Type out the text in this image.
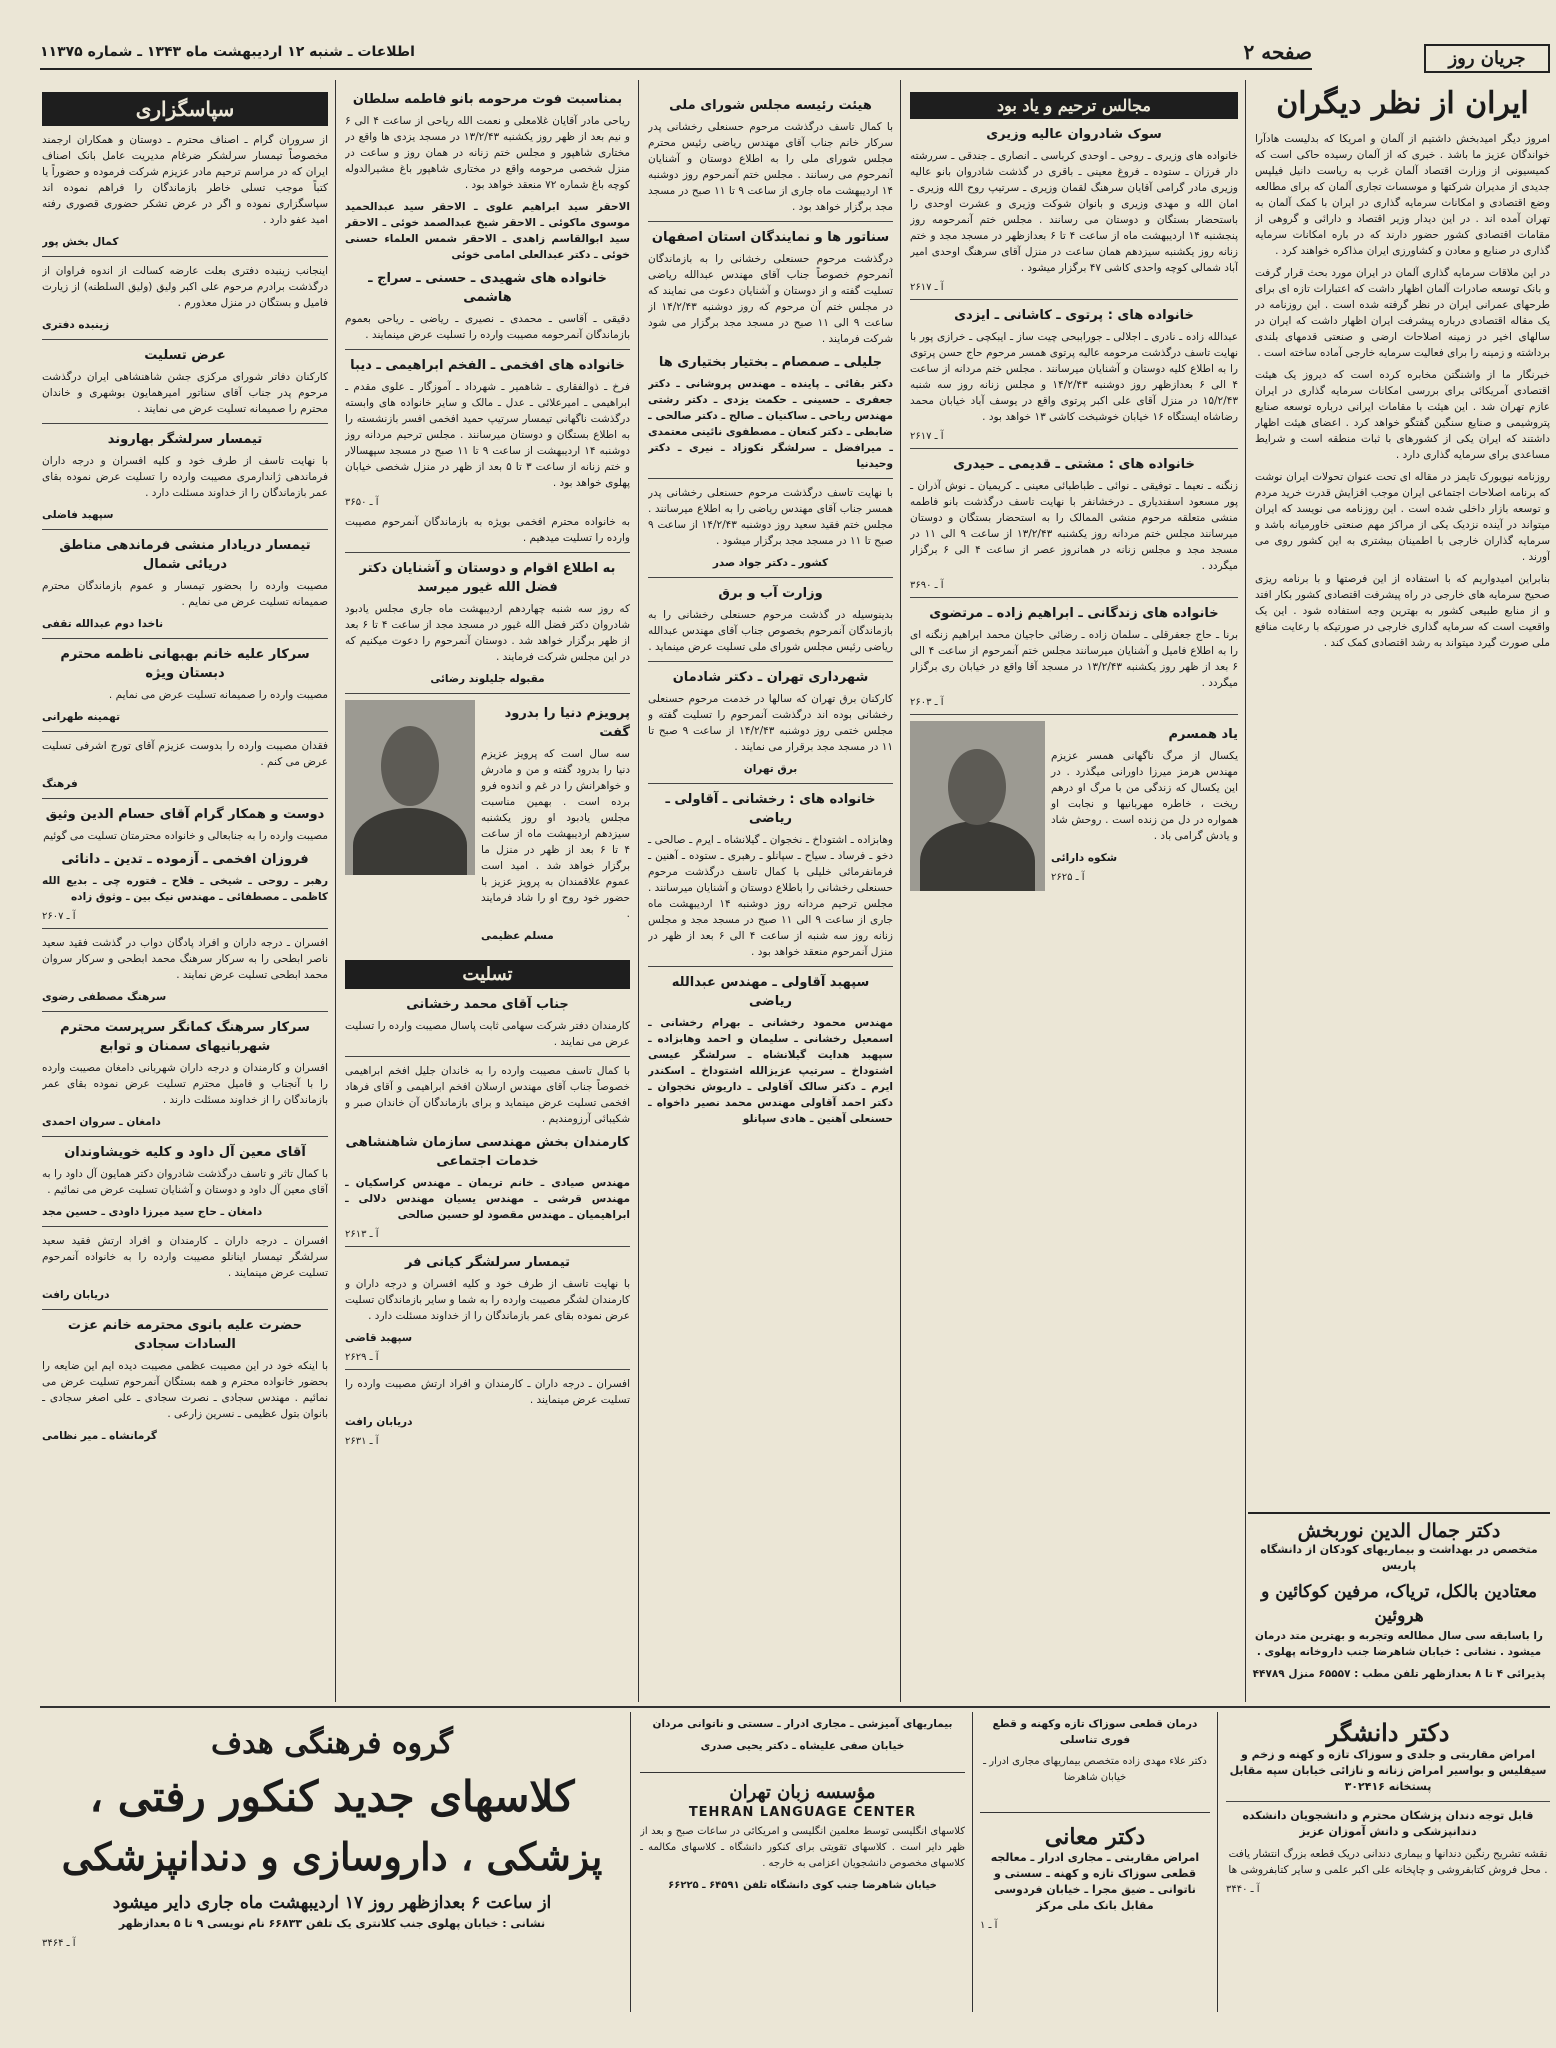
صفحه ۲
اطلاعات ـ شنبه ۱۲ اردیبهشت ماه ۱۳۴۳ ـ شماره ۱۱۳۷۵	جریان روز
ایران از نظر دیگران

امروز دیگر امیدبخش داشتیم از آلمان و امریکا که بدلیست هادآرا خواندگان عزیز ما باشد . خبری که از آلمان رسیده حاکی است که کمیسیونی از وزارت اقتصاد آلمان غرب به ریاست دانیل فیلپس جدیدی از مدیران شرکتها و موسسات تجاری آلمان که برای مطالعه وضع اقتصادی و امکانات سرمایه گذاری در ایران با کمک آلمان به تهران آمده اند . در این دیدار وزیر اقتصاد و دارائی و گروهی از مقامات اقتصادی کشور حضور دارند که در باره امکانات سرمایه گذاری در صنایع و معادن و کشاورزی ایران مذاکره خواهند کرد .

در این ملاقات سرمایه گذاری آلمان در ایران مورد بحث قرار گرفت و بانک توسعه صادرات آلمان اظهار داشت که اعتبارات تازه ای برای طرحهای عمرانی ایران در نظر گرفته شده است . این روزنامه در یک مقاله اقتصادی درباره پیشرفت ایران اظهار داشت که ایران در سالهای اخیر در زمینه اصلاحات ارضی و صنعتی قدمهای بلندی برداشته و زمینه را برای فعالیت سرمایه خارجی آماده ساخته است .

خبرنگار ما از واشنگتن مخابره کرده است که دیروز یک هیئت اقتصادی آمریکائی برای بررسی امکانات سرمایه گذاری در ایران عازم تهران شد . این هیئت با مقامات ایرانی درباره توسعه صنایع پتروشیمی و صنایع سنگین گفتگو خواهد کرد . اعضای هیئت اظهار داشتند که ایران یکی از کشورهای با ثبات منطقه است و شرایط مساعدی برای سرمایه گذاری دارد .

روزنامه نیویورک تایمز در مقاله ای تحت عنوان تحولات ایران نوشت که برنامه اصلاحات اجتماعی ایران موجب افزایش قدرت خرید مردم و توسعه بازار داخلی شده است . این روزنامه می نویسد که ایران میتواند در آینده نزدیک یکی از مراکز مهم صنعتی خاورمیانه باشد و سرمایه گذاران خارجی با اطمینان بیشتری به این کشور روی می آورند .

بنابراین امیدواریم که با استفاده از این فرصتها و با برنامه ریزی صحیح سرمایه های خارجی در راه پیشرفت اقتصادی کشور بکار افتد و از منابع طبیعی کشور به بهترین وجه استفاده شود . این یک واقعیت است که سرمایه گذاری خارجی در صورتیکه با رعایت منافع ملی صورت گیرد میتواند به رشد اقتصادی کمک کند .

دکتر جمال الدین نوربخش
متخصص در بهداشت و بیماریهای کودکان از دانشگاه پاریس
معتادین بالکل، تریاک، مرفین کوکائین و هروئین
را باسابقه سی سال مطالعه وتجربه و بهترین متد درمان میشود . نشانی : خیابان شاهرضا جنب داروخانه پهلوی .
پذیرائی ۴ تا ۸ بعدازظهر تلفن مطب : ۶۵۵۵۷ منزل ۴۴۷۸۹
مجالس ترحیم و یاد بود
سوک شادروان عالیه وزیری

خانواده های وزیری ـ روحی ـ اوحدی کرباسی ـ انصاری ـ جندقی ـ سررشته دار فرزان ـ ستوده ـ فروغ معینی ـ باقری در گذشت شادروان بانو عالیه وزیری مادر گرامی آقایان سرهنگ لقمان وزیری ـ سرتیپ روح الله وزیری ـ امان الله و مهدی وزیری و بانوان شوکت وزیری و عشرت اوحدی را باستحضار بستگان و دوستان می رسانند . مجلس ختم آنمرحومه روز پنجشنبه ۱۴ اردیبهشت ماه از ساعت ۴ تا ۶ بعدازظهر در مسجد مجد و ختم زنانه روز یکشنبه سیزدهم همان ساعت در منزل آقای سرهنگ اوحدی امیر آباد شمالی کوچه واحدی کاشی ۴۷ برگزار میشود .

آ ـ ۲۶۱۷
خانواده های : پرتوی ـ کاشانی ـ ایزدی

عبدالله زاده ـ نادری ـ اجلالی ـ جوراببحی چیت ساز ـ ایبکچی ـ خرازی پور با نهایت تاسف درگذشت مرحومه عالیه پرتوی همسر مرحوم حاج حسن پرتوی را به اطلاع کلیه دوستان و آشنایان میرسانند . مجلس ختم مردانه از ساعت ۴ الی ۶ بعدازظهر روز دوشنبه ۱۴/۲/۴۳ و مجلس زنانه روز سه شنبه ۱۵/۲/۴۳ در منزل آقای علی اکبر پرتوی واقع در یوسف آباد خیابان محمد رضاشاه ایستگاه ۱۶ خیابان خوشبخت کاشی ۱۳ خواهد بود .

آ ـ ۲۶۱۷
خانواده های : مشتی ـ قدیمی ـ حیدری

زنگنه ـ نعیما ـ توفیقی ـ نوائی ـ طباطبائی معینی ـ کریمیان ـ نوش آذران ـ پور مسعود اسفندیاری ـ درخشانفر با نهایت تاسف درگذشت بانو فاطمه منشی متعلقه مرحوم منشی الممالک را به استحضار بستگان و دوستان میرسانند مجلس ختم مردانه روز یکشنبه ۱۳/۲/۴۳ از ساعت ۹ الی ۱۱ در مسجد مجد و مجلس زنانه در همانروز عصر از ساعت ۴ الی ۶ برگزار میگردد .

آ ـ ۳۶۹۰
خانواده های زندگانی ـ ابراهیم زاده ـ مرتضوی

برنا ـ حاج جعفرقلی ـ سلمان زاده ـ رضائی حاجیان محمد ابراهیم زنگنه ای را به اطلاع فامیل و آشنایان میرسانند مجلس ختم آنمرحوم از ساعت ۴ الی ۶ بعد از ظهر روز یکشنبه ۱۳/۲/۴۳ در مسجد آقا واقع در خیابان ری برگزار میگردد .

آ ـ ۲۶۰۳
یاد همسرم

یکسال از مرگ ناگهانی همسر عزیزم مهندس هرمز میرزا داورانی میگذرد . در این یکسال که زندگی من با مرگ او درهم ریخت ، خاطره مهربانیها و نجابت او همواره در دل من زنده است . روحش شاد و یادش گرامی باد .

شکوه دارائی
آ ـ ۲۶۲۵
هیئت رئیسه مجلس شورای ملی

با کمال تاسف درگذشت مرحوم حسنعلی رخشانی پدر سرکار خانم جناب آقای مهندس ریاضی رئیس محترم مجلس شورای ملی را به اطلاع دوستان و آشنایان آنمرحوم می رسانند . مجلس ختم آنمرحوم روز دوشنبه ۱۴ اردیبهشت ماه جاری از ساعت ۹ تا ۱۱ صبح در مسجد مجد برگزار خواهد بود .

سناتور ها و نمایندگان استان اصفهان

درگذشت مرحوم حسنعلی رخشانی را به بازماندگان آنمرحوم خصوصاً جناب آقای مهندس عبدالله ریاضی تسلیت گفته و از دوستان و آشنایان دعوت می نمایند که در مجلس ختم آن مرحوم که روز دوشنبه ۱۴/۲/۴۳ از ساعت ۹ الی ۱۱ صبح در مسجد مجد برگزار می شود شرکت فرمایند .

جلیلی ـ صمصام ـ بختیار بختیاری ها

دکتر بقائی ـ پاینده ـ مهندس پروشانی ـ دکتر جعفری ـ حسینی ـ حکمت یزدی ـ دکتر رشتی مهندس ریاحی ـ ساکنیان ـ صالح ـ دکتر صالحی ـ ضابطی ـ دکتر کنعان ـ مصطفوی نائینی معتمدی ـ میرافضل ـ سرلشگر نکوزاد ـ نیری ـ دکتر وحیدنیا

با نهایت تاسف درگذشت مرحوم حسنعلی رخشانی پدر همسر جناب آقای مهندس ریاضی را به اطلاع میرسانند . مجلس ختم فقید سعید روز دوشنبه ۱۴/۲/۴۳ از ساعت ۹ صبح تا ۱۱ در مسجد مجد برگزار میشود .

کشور ـ دکتر جواد صدر
وزارت آب و برق

بدینوسیله در گذشت مرحوم حسنعلی رخشانی را به بازماندگان آنمرحوم بخصوص جناب آقای مهندس عبدالله ریاضی رئیس مجلس شورای ملی تسلیت عرض مینماید .

شهرداری تهران ـ دکتر شادمان

کارکنان برق تهران که سالها در خدمت مرحوم حسنعلی رخشانی بوده اند درگذشت آنمرحوم را تسلیت گفته و مجلس ختمی روز دوشنبه ۱۴/۲/۴۳ از ساعت ۹ صبح تا ۱۱ در مسجد مجد برقرار می نمایند .

برق تهران
خانواده های : رخشانی ـ آقاولی ـ ریاضی

وهابزاده ـ اشتوداخ ـ نخجوان ـ گیلانشاه ـ ایرم ـ صالحی ـ دخو ـ فرساد ـ سیاح ـ سپانلو ـ رهبری ـ ستوده ـ آهنین ـ فرمانفرمائی خلیلی با کمال تاسف درگذشت مرحوم حسنعلی رخشانی را باطلاع دوستان و آشنایان میرسانند . مجلس ترحیم مردانه روز دوشنبه ۱۴ اردیبهشت ماه جاری از ساعت ۹ الی ۱۱ صبح در مسجد مجد و مجلس زنانه روز سه شنبه از ساعت ۴ الی ۶ بعد از ظهر در منزل آنمرحوم منعقد خواهد بود .

سپهبد آقاولی ـ مهندس عبدالله ریاضی

مهندس محمود رخشانی ـ بهرام رخشانی ـ اسمعیل رخشانی ـ سلیمان و احمد وهابزاده ـ سپهبد هدایت گیلانشاه ـ سرلشگر عیسی اشتوداخ ـ سرتیپ عزیزالله اشتوداخ ـ اسکندر ایرم ـ دکتر سالک آقاولی ـ داریوش نخجوان ـ دکتر احمد آقاولی مهندس محمد نصیر داخواه ـ حسنعلی آهنین ـ هادی سپانلو

بمناسبت فوت مرحومه بانو فاطمه سلطان

ریاحی مادر آقایان غلامعلی و نعمت الله ریاحی از ساعت ۴ الی ۶ و نیم بعد از ظهر روز یکشنبه ۱۳/۲/۴۳ در مسجد یزدی ها واقع در مختاری شاهپور و مجلس ختم زنانه در همان روز و ساعت در منزل شخصی مرحومه واقع در مختاری شاهپور باغ مشیرالدوله کوچه باغ شماره ۷۲ منعقد خواهد بود .

الاحقر سید ابراهیم علوی ـ الاحقر سید عبدالحمید موسوی ماکوئی ـ الاحقر شیخ عبدالصمد خوئی ـ الاحقر سید ابوالقاسم زاهدی ـ الاحقر شمس العلماء حسنی خوئی ـ دکتر عبدالعلی امامی خوئی

خانواده های شهیدی ـ حسنی ـ سراج ـ هاشمی

دقیقی ـ آقاسی ـ محمدی ـ نصیری ـ ریاضی ـ ریاحی بعموم بازماندگان آنمرحومه مصیبت وارده را تسلیت عرض مینمایند .

خانواده های افخمی ـ الفخم ابراهیمی ـ دیبا

فرخ ـ ذوالفقاری ـ شاهمیر ـ شهرداد ـ آموزگار ـ علوی مقدم ـ ابراهیمی ـ امیرعلائی ـ عدل ـ مالک و سایر خانواده های وابسته درگذشت ناگهانی تیمسار سرتیپ حمید افخمی افسر بازنشسته را به اطلاع بستگان و دوستان میرسانند . مجلس ترحیم مردانه روز دوشنبه ۱۴ اردیبهشت از ساعت ۹ تا ۱۱ صبح در مسجد سپهسالار و ختم زنانه از ساعت ۳ تا ۵ بعد از ظهر در منزل شخصی خیابان پهلوی خواهد بود .

آ ـ ۳۶۵۰

به خانواده محترم افخمی بویژه به بازماندگان آنمرحوم مصیبت وارده را تسلیت میدهیم .

به اطلاع اقوام و دوستان و آشنایان دکتر فضل الله غیور میرسد

که روز سه شنبه چهاردهم اردیبهشت ماه جاری مجلس یادبود شادروان دکتر فضل الله غیور در مسجد مجد از ساعت ۴ تا ۶ بعد از ظهر برگزار خواهد شد . دوستان آنمرحوم را دعوت میکنیم که در این مجلس شرکت فرمایند .

مقبوله جلیلوند رضائی
پرویزم دنیا را بدرود گفت

سه سال است که پرویز عزیزم دنیا را بدرود گفته و من و مادرش و خواهرانش را در غم و اندوه فرو برده است . بهمین مناسبت مجلس یادبود او روز یکشنبه سیزدهم اردیبهشت ماه از ساعت ۴ تا ۶ بعد از ظهر در منزل ما برگزار خواهد شد . امید است عموم علاقمندان به پرویز عزیز با حضور خود روح او را شاد فرمایند .

مسلم عظیمی
تسلیت
جناب آقای محمد رخشانی

کارمندان دفتر شرکت سهامی ثابت پاسال مصیبت وارده را تسلیت عرض می نمایند .

با کمال تاسف مصیبت وارده را به خاندان جلیل افخم ابراهیمی خصوصاً جناب آقای مهندس ارسلان افخم ابراهیمی و آقای فرهاد افخمی تسلیت عرض مینماید و برای بازماندگان آن خاندان صبر و شکیبائی آرزومندیم .

کارمندان بخش مهندسی سازمان شاهنشاهی خدمات اجتماعی

مهندس صیادی ـ خانم تریمان ـ مهندس کراسکیان ـ مهندس قرشی ـ مهندس یسیان مهندس دلالی ـ ابراهیمیان ـ مهندس مقصود لو حسین صالحی

آ ـ ۲۶۱۳
تیمسار سرلشگر کیانی فر

با نهایت تاسف از طرف خود و کلیه افسران و درجه داران و کارمندان لشگر مصیبت وارده را به شما و سایر بازماندگان تسلیت عرض نموده بقای عمر بازماندگان را از خداوند مسئلت دارد .

سپهبد قاضی
آ ـ ۲۶۲۹

افسران ـ درجه داران ـ کارمندان و افراد ارتش مصیبت وارده را تسلیت عرض مینمایند .

دریابان رافت
آ ـ ۲۶۳۱
سپاسگزاری

از سروران گرام ـ اصناف محترم ـ دوستان و همکاران ارجمند مخصوصاً تیمسار سرلشکر ضرغام مدیریت عامل بانک اصناف ایران که در مراسم ترحیم مادر عزیزم شرکت فرموده و حضوراً یا کتباً موجب تسلی خاطر بازماندگان را فراهم نموده اند سپاسگزاری نموده و اگر در عرض تشکر حضوری قصوری رفته امید عفو دارد .

کمال بخش پور

اینجانب زینبده دفتری بعلت عارضه کسالت از اندوه فراوان از درگذشت برادرم مرحوم علی اکبر ولیق (ولیق السلطنه) از زیارت فامیل و بستگان در منزل معذورم .

زینبده دفتری
عرض تسلیت

کارکنان دفاتر شورای مرکزی جشن شاهنشاهی ایران درگذشت مرحوم پدر جناب آقای سناتور امیرهمایون بوشهری و خاندان محترم را صمیمانه تسلیت عرض می نمایند .

تیمسار سرلشگر بهاروند

با نهایت تاسف از طرف خود و کلیه افسران و درجه داران فرماندهی ژاندارمری مصیبت وارده را تسلیت عرض نموده بقای عمر بازماندگان را از خداوند مسئلت دارد .

سپهبد فاضلی
تیمسار دریادار منشی فرماندهی مناطق دریائی شمال

مصیبت وارده را بحضور تیمسار و عموم بازماندگان محترم صمیمانه تسلیت عرض می نمایم .

ناخدا دوم عبدالله تقفی
سرکار علیه خانم بهبهانی ناظمه محترم دبستان ویژه

مصیبت وارده را صمیمانه تسلیت عرض می نمایم .

تهمینه طهرانی

فقدان مصیبت وارده را بدوست عزیزم آقای تورج اشرفی تسلیت عرض می کنم .

فرهنگ
دوست و همکار گرام آقای حسام الدین وثیق

مصیبت وارده را به جنابعالی و خانواده محترمتان تسلیت می گوئیم

فروزان افخمی ـ آزموده ـ تدین ـ دانائی

رهبر ـ روحی ـ شیخی ـ فلاح ـ فتوره چی ـ بدیع الله کاظمی ـ مصطفائی ـ مهندس نیک بین ـ وثوق زاده

آ ـ ۲۶۰۷

افسران ـ درجه داران و افراد پادگان دواب در گذشت فقید سعید ناصر ابطحی را به سرکار سرهنگ محمد ابطحی و سرکار سروان محمد ابطحی تسلیت عرض نمایند .

سرهنگ مصطفی رضوی
سرکار سرهنگ کمانگر سرپرست محترم شهربانیهای سمنان و توابع

افسران و کارمندان و درجه داران شهربانی دامغان مصیبت وارده را با آنجناب و فامیل محترم تسلیت عرض نموده بقای عمر بازماندگان را از خداوند مسئلت دارند .

دامغان ـ سروان احمدی
آقای معین آل داود و کلیه خویشاوندان

با کمال تاثر و تاسف درگذشت شادروان دکتر همایون آل داود را به آقای معین آل داود و دوستان و آشنایان تسلیت عرض می نمائیم .

دامغان ـ حاج سید میرزا داودی ـ حسین مجد

افسران ـ درجه داران ـ کارمندان و افراد ارتش فقید سعید سرلشگر تیمسار اینانلو مصیبت وارده را به خانواده آنمرحوم تسلیت عرض مینمایند .

دریابان رافت
حضرت علیه بانوی محترمه خانم عزت السادات سجادی

با اینکه خود در این مصیبت عظمی مصیبت دیده ایم این ضایعه را بحضور خانواده محترم و همه بستگان آنمرحوم تسلیت عرض می نمائیم . مهندس سجادی ـ نصرت سجادی ـ علی اصغر سجادی ـ بانوان بتول عظیمی ـ نسرین زارعی .

گرمانشاه ـ میر نظامی
گروه فرهنگی هدف
کلاسهای جدید کنکور رفتی ،
پزشکی ، داروسازی و دندانپزشکی
از ساعت ۶ بعدازظهر روز ۱۷ اردیبهشت ماه جاری دایر میشود
نشانی : خیابان پهلوی جنب کلانتری یک تلفن ۶۶۸۳۳ نام نویسی ۹ تا ۵ بعدازظهر
آ ـ ۳۴۶۴
بیماریهای آمیزشی ـ مجاری ادرار ـ سستی و ناتوانی مردان
خیابان صفی علیشاه ـ دکتر یحیی صدری
مؤسسه زبان تهران
TEHRAN LANGUAGE CENTER
کلاسهای انگلیسی توسط معلمین انگلیسی و امریکائی در ساعات صبح و بعد از ظهر دایر است . کلاسهای تقویتی برای کنکور دانشگاه ـ کلاسهای مکالمه ـ کلاسهای مخصوص دانشجویان اعزامی به خارجه .
خیابان شاهرضا جنب کوی دانشگاه تلفن ۶۴۵۹۱ ـ ۶۶۲۲۵
درمان قطعی سوزاک تازه وکهنه و قطع فوری تناسلی
دکتر علاء مهدی زاده متخصص بیماریهای مجاری ادرار ـ خیابان شاهرضا
دکتر معانی
امراض مقاربتی ـ مجاری ادرار ـ معالجه قطعی سوزاک تازه و کهنه ـ سستی و ناتوانی ـ ضیق مجرا ـ خیابان فردوسی مقابل بانک ملی مرکز
آ ـ ۱
دکتر دانشگر
امراض مقاربتی و جلدی و سوزاک تازه و کهنه و زخم و سیفلیس و بواسیر امراض زنانه و نازائی خیابان سپه مقابل پستخانه ۳۰۲۴۱۶
قابل توجه دندان پزشکان محترم و دانشجویان دانشکده دندانپزشکی و دانش آموزان عزیز
نقشه تشریح رنگین دندانها و بیماری دندانی دریک قطعه بزرگ انتشار یافت . محل فروش کتابفروشی و چاپخانه علی اکبر علمی و سایر کتابفروشی ها
آ ـ ۳۴۴۰
